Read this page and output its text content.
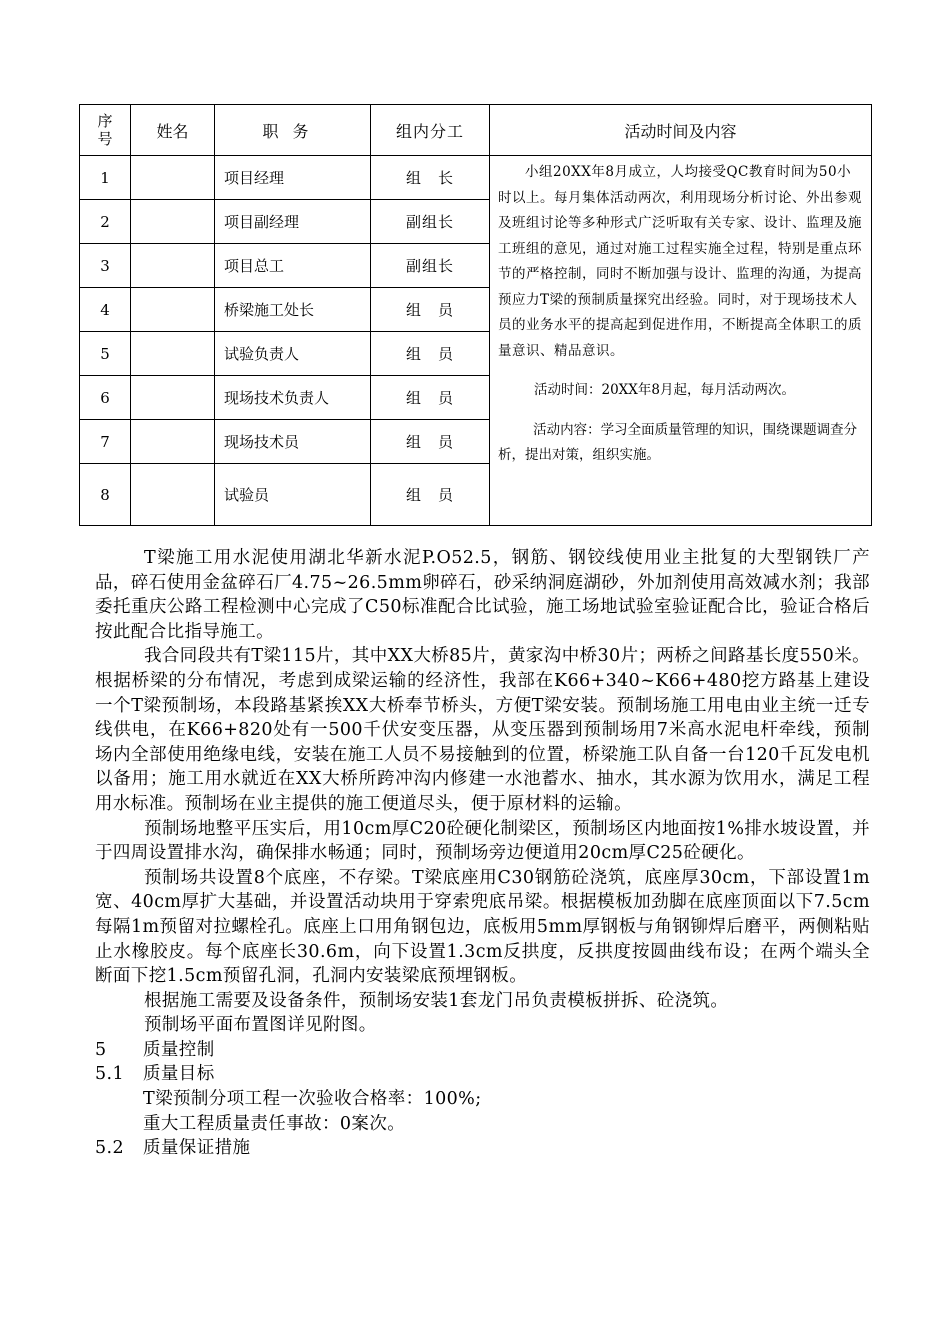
序
号	姓名	职务	组内分工	活动时间及内容
1		项目经理	组　长	小组20XX年8月成立，人均接受QC教育时间为50小时以上。每月集体活动两次，利用现场分析讨论、外出参观及班组讨论等多种形式广泛听取有关专家、设计、监理及施工班组的意见，通过对施工过程实施全过程，特别是重点环节的严格控制，同时不断加强与设计、监理的沟通，为提高预应力T梁的预制质量探究出经验。同时，对于现场技术人员的业务水平的提高起到促进作用，不断提高全体职工的质量意识、精品意识。
活动时间：20XX年8月起，每月活动两次。
活动内容：学习全面质量管理的知识，围绕课题调查分析，提出对策，组织实施。

2		项目副经理	副组长	
3		项目总工	副组长	
4		桥梁施工处长	组　员	
5		试验负责人	组　员	
6		现场技术负责人	组　员	
7		现场技术员	组　员	
8		试验员	组　员	

T梁施工用水泥使用湖北华新水泥P.O52.5，钢筋、钢铰线使用业主批复的大型钢铁厂产品，碎石使用金盆碎石厂4.75~26.5mm卵碎石，砂采纳洞庭湖砂，外加剂使用高效减水剂；我部委托重庆公路工程检测中心完成了C50标准配合比试验，施工场地试验室验证配合比，验证合格后按此配合比指导施工。

我合同段共有T梁115片，其中XX大桥85片，黄家沟中桥30片；两桥之间路基长度550米。根据桥梁的分布情况，考虑到成梁运输的经济性，我部在K66+340~K66+480挖方路基上建设一个T梁预制场，本段路基紧挨XX大桥奉节桥头，方便T梁安装。预制场施工用电由业主统一迁专线供电，在K66+820处有一500千伏安变压器，从变压器到预制场用7米高水泥电杆牵线，预制场内全部使用绝缘电线，安装在施工人员不易接触到的位置，桥梁施工队自备一台120千瓦发电机以备用；施工用水就近在XX大桥所跨冲沟内修建一水池蓄水、抽水，其水源为饮用水，满足工程用水标准。预制场在业主提供的施工便道尽头，便于原材料的运输。

预制场地整平压实后，用10cm厚C20砼硬化制梁区，预制场区内地面按1%排水坡设置，并于四周设置排水沟，确保排水畅通；同时，预制场旁边便道用20cm厚C25砼硬化。

预制场共设置8个底座，不存梁。T梁底座用C30钢筋砼浇筑，底座厚30cm，下部设置1m宽、40cm厚扩大基础，并设置活动块用于穿索兜底吊梁。根据模板加劲脚在底座顶面以下7.5cm每隔1m预留对拉螺栓孔。底座上口用角钢包边，底板用5mm厚钢板与角钢铆焊后磨平，两侧粘贴止水橡胶皮。每个底座长30.6m，向下设置1.3cm反拱度，反拱度按圆曲线布设；在两个端头全断面下挖1.5cm预留孔洞，孔洞内安装梁底预埋钢板。

根据施工需要及设备条件，预制场安装1套龙门吊负责模板拼拆、砼浇筑。

预制场平面布置图详见附图。

5 质量控制

5.1 质量目标

T梁预制分项工程一次验收合格率：100%;

重大工程质量责任事故：0案次。

5.2 质量保证措施
